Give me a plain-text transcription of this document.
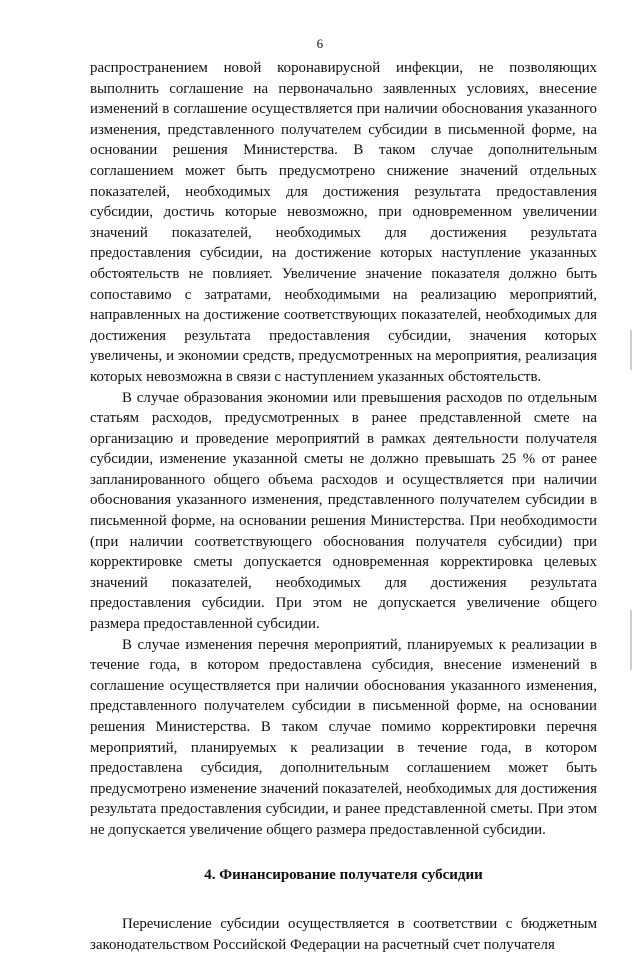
6

распространением новой коронавирусной инфекции, не позволяющих выполнить соглашение на первоначально заявленных условиях, внесение изменений в соглашение осуществляется при наличии обоснования указанного изменения, представленного получателем субсидии в письменной форме, на основании решения Министерства. В таком случае дополнительным соглашением может быть предусмотрено снижение значений отдельных показателей, необходимых для достижения результата предоставления субсидии, достичь которые невозможно, при одновременном увеличении значений показателей, необходимых для достижения результата предоставления субсидии, на достижение которых наступление указанных обстоятельств не повлияет. Увеличение значение показателя должно быть сопоставимо с затратами, необходимыми на реализацию мероприятий, направленных на достижение соответствующих показателей, необходимых для достижения результата предоставления субсидии, значения которых увеличены, и экономии средств, предусмотренных на мероприятия, реализация которых невозможна в связи с наступлением указанных обстоятельств.

В случае образования экономии или превышения расходов по отдельным статьям расходов, предусмотренных в ранее представленной смете на организацию и проведение мероприятий в рамках деятельности получателя субсидии, изменение указанной сметы не должно превышать 25 % от ранее запланированного общего объема расходов и осуществляется при наличии обоснования указанного изменения, представленного получателем субсидии в письменной форме, на основании решения Министерства. При необходимости (при наличии соответствующего обоснования получателя субсидии) при корректировке сметы допускается одновременная корректировка целевых значений показателей, необходимых для достижения результата предоставления субсидии. При этом не допускается увеличение общего размера предоставленной субсидии.

В случае изменения перечня мероприятий, планируемых к реализации в течение года, в котором предоставлена субсидия, внесение изменений в соглашение осуществляется при наличии обоснования указанного изменения, представленного получателем субсидии в письменной форме, на основании решения Министерства. В таком случае помимо корректировки перечня мероприятий, планируемых к реализации в течение года, в котором предоставлена субсидия, дополнительным соглашением может быть предусмотрено изменение значений показателей, необходимых для достижения результата предоставления субсидии, и ранее представленной сметы. При этом не допускается увеличение общего размера предоставленной субсидии.

4. Финансирование получателя субсидии

Перечисление субсидии осуществляется в соответствии с бюджетным законодательством Российской Федерации на расчетный счет получателя
